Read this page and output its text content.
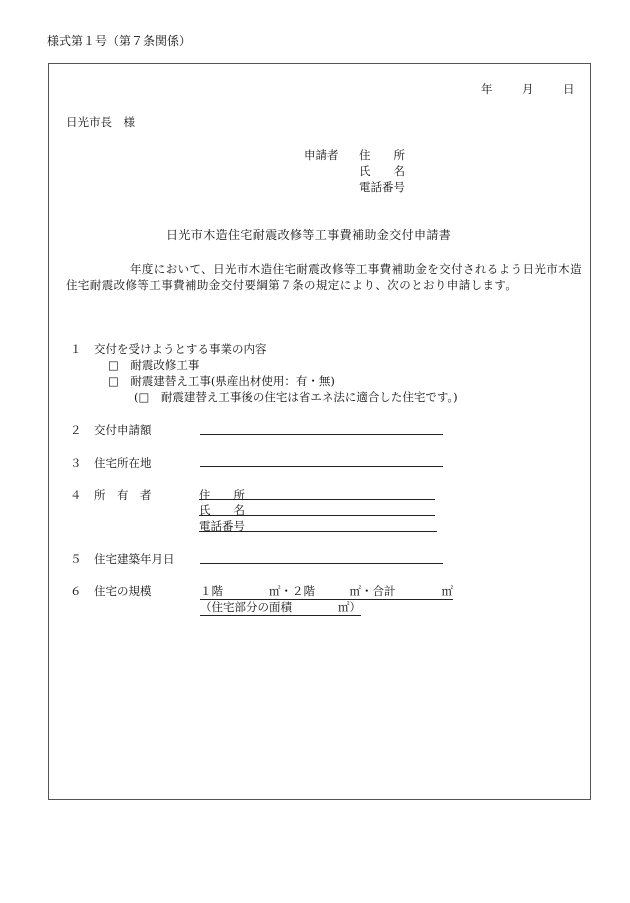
様式第１号（第７条関係）
年	月	日
日光市長　様
申請者 住　　所
氏　　名
電話番号
日光市木造住宅耐震改修等工事費補助金交付申請書
年度において、日光市木造住宅耐震改修等工事費補助金を交付されるよう日光市木造住宅耐震改修等工事費補助金交付要綱第７条の規定により、次のとおり申請します。
１ 交付を受けようとする事業の内容
□　耐震改修工事
□　耐震建替え工事(県産出材使用：有・無)
(□　耐震建替え工事後の住宅は省エネ法に適合した住宅です。)
２ 交付申請額
３ 住宅所在地
４ 所　有　者	住　　所
氏　　名
電話番号
５ 住宅建築年月日
６ 住宅の規模	１階　　　　㎡・２階　　　㎡・合計　　　　㎡
（住宅部分の面積　　　　㎡）
